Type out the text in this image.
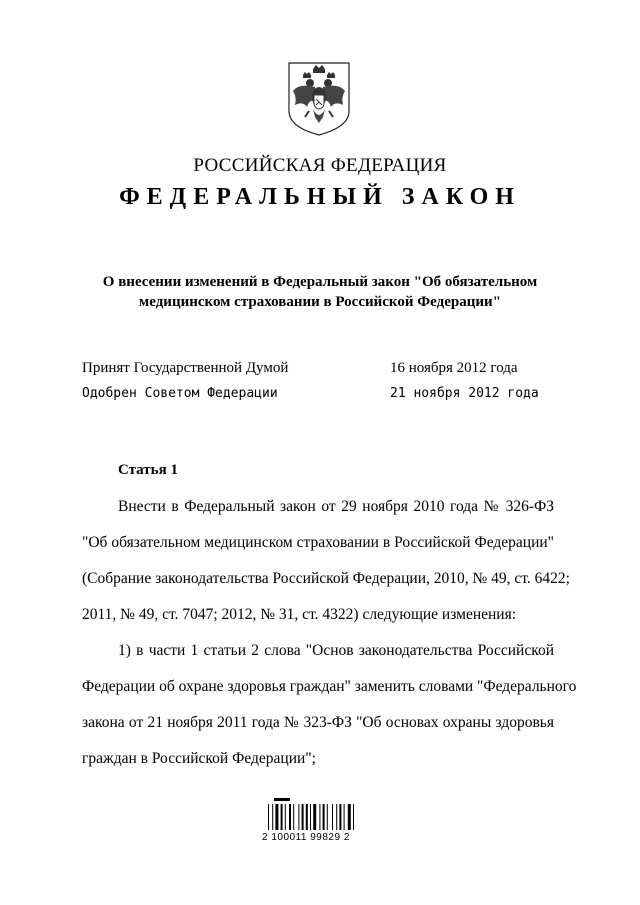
РОССИЙСКАЯ ФЕДЕРАЦИЯ
ФЕДЕРАЛЬНЫЙ ЗАКОН
О внесении изменений в Федеральный закон "Об обязательном
медицинском страховании в Российской Федерации"
Принят Государственной Думой	16 ноября 2012 года
Одобрен Советом Федерации	21 ноября 2012 года
Статья 1
Внести в Федеральный закон от 29 ноября 2010 года № 326-ФЗ
"Об обязательном медицинском страховании в Российской Федерации"
(Собрание законодательства Российской Федерации, 2010, № 49, ст. 6422;
2011, № 49, ст. 7047; 2012, № 31, ст. 4322) следующие изменения:
1) в части 1 статьи 2 слова "Основ законодательства Российской
Федерации об охране здоровья граждан" заменить словами "Федерального
закона от 21 ноября 2011 года № 323-ФЗ "Об основах охраны здоровья
граждан в Российской Федерации";
2 100011 99829 2
